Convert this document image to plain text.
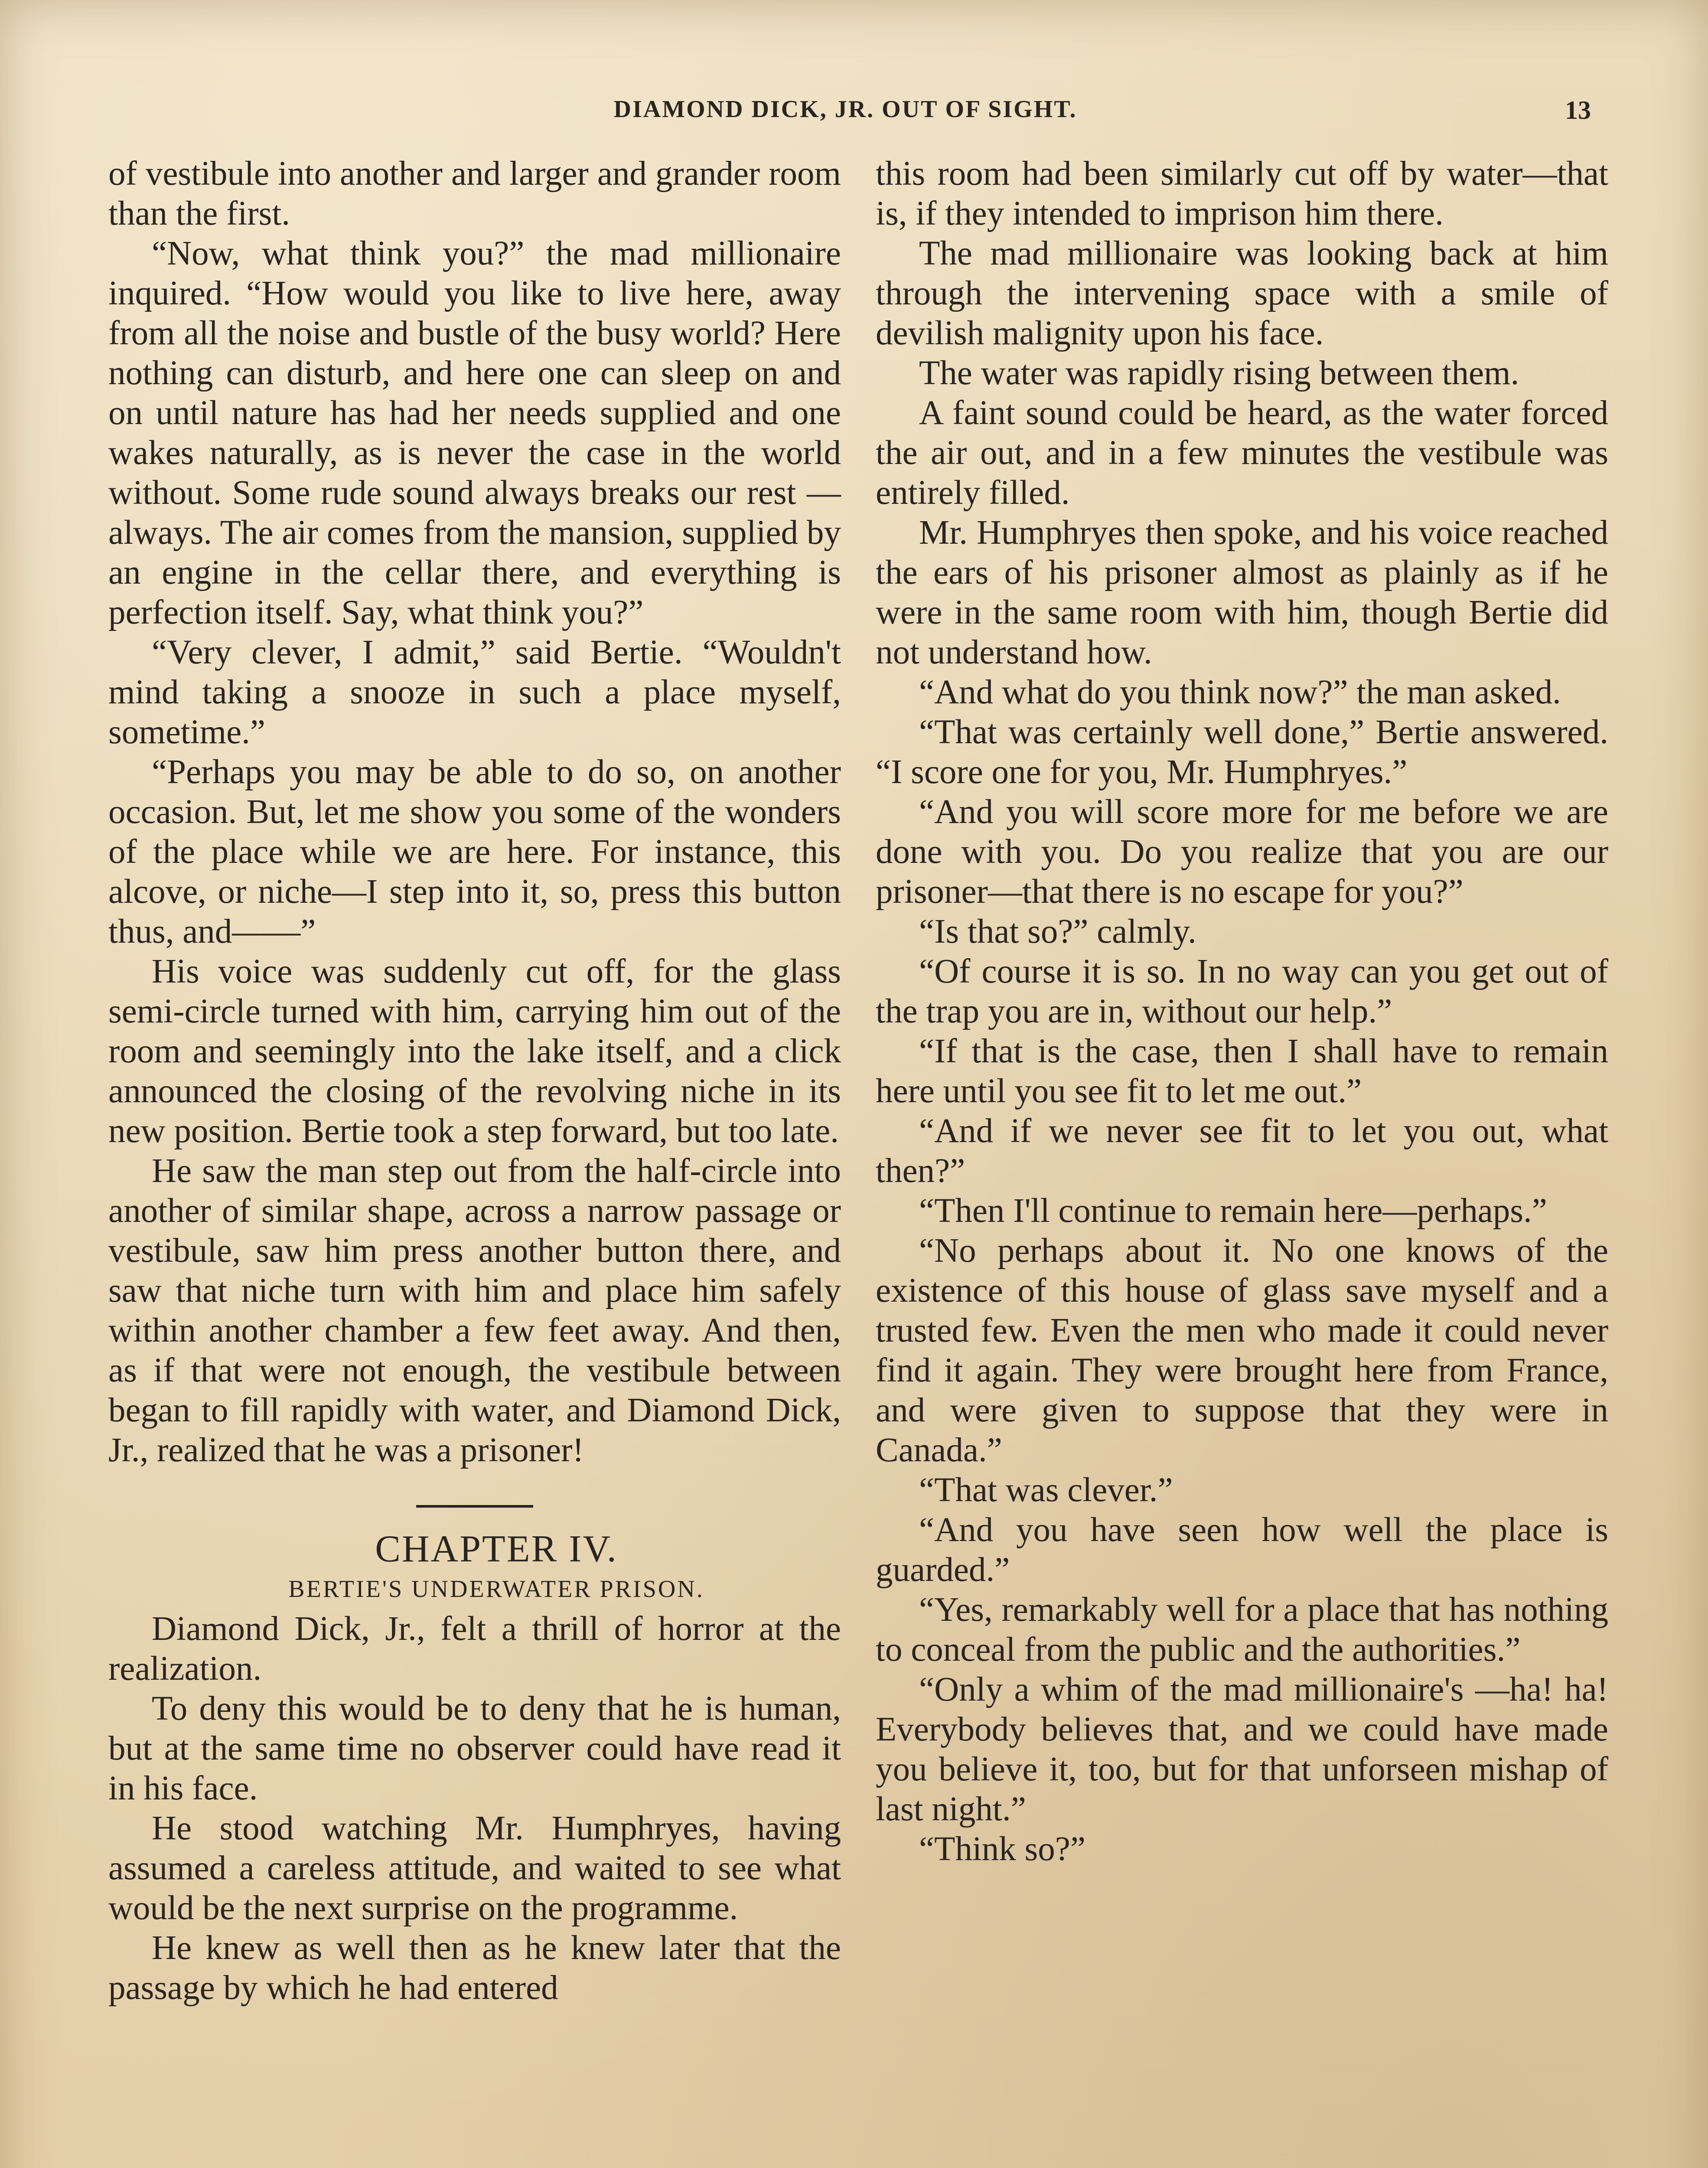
DIAMOND DICK, JR. OUT OF SIGHT.	13

of vestibule into another and larger and grander room than the first.

“Now, what think you?” the mad millionaire inquired. “How would you like to live here, away from all the noise and bustle of the busy world? Here nothing can disturb, and here one can sleep on and on until nature has had her needs supplied and one wakes naturally, as is never the case in the world without. Some rude sound always breaks our rest —always. The air comes from the mansion, supplied by an engine in the cellar there, and everything is perfection itself. Say, what think you?”

“Very clever, I admit,” said Bertie. “Wouldn't mind taking a snooze in such a place myself, sometime.”

“Perhaps you may be able to do so, on another occasion. But, let me show you some of the wonders of the place while we are here. For instance, this alcove, or niche—I step into it, so, press this button thus, and——”

His voice was suddenly cut off, for the glass semi-circle turned with him, carrying him out of the room and seemingly into the lake itself, and a click announced the closing of the revolving niche in its new position. Bertie took a step forward, but too late.

He saw the man step out from the half-circle into another of similar shape, across a narrow passage or vestibule, saw him press another button there, and saw that niche turn with him and place him safely within another chamber a few feet away. And then, as if that were not enough, the vestibule between began to fill rapidly with water, and Diamond Dick, Jr., realized that he was a prisoner!

CHAPTER IV.

BERTIE'S UNDERWATER PRISON.

Diamond Dick, Jr., felt a thrill of horror at the realization.

To deny this would be to deny that he is human, but at the same time no observer could have read it in his face.

He stood watching Mr. Humphryes, having assumed a careless attitude, and waited to see what would be the next surprise on the programme.

He knew as well then as he knew later that the passage by which he had entered

this room had been similarly cut off by water—that is, if they intended to imprison him there.

The mad millionaire was looking back at him through the intervening space with a smile of devilish malignity upon his face.

The water was rapidly rising between them.

A faint sound could be heard, as the water forced the air out, and in a few minutes the vestibule was entirely filled.

Mr. Humphryes then spoke, and his voice reached the ears of his prisoner almost as plainly as if he were in the same room with him, though Bertie did not understand how.

“And what do you think now?” the man asked.

“That was certainly well done,” Bertie answered. “I score one for you, Mr. Humphryes.”

“And you will score more for me before we are done with you. Do you realize that you are our prisoner—that there is no escape for you?”

“Is that so?” calmly.

“Of course it is so. In no way can you get out of the trap you are in, without our help.”

“If that is the case, then I shall have to remain here until you see fit to let me out.”

“And if we never see fit to let you out, what then?”

“Then I'll continue to remain here—perhaps.”

“No perhaps about it. No one knows of the existence of this house of glass save myself and a trusted few. Even the men who made it could never find it again. They were brought here from France, and were given to suppose that they were in Canada.”

“That was clever.”

“And you have seen how well the place is guarded.”

“Yes, remarkably well for a place that has nothing to conceal from the public and the authorities.”

“Only a whim of the mad millionaire's —ha! ha! Everybody believes that, and we could have made you believe it, too, but for that unforseen mishap of last night.”

“Think so?”
